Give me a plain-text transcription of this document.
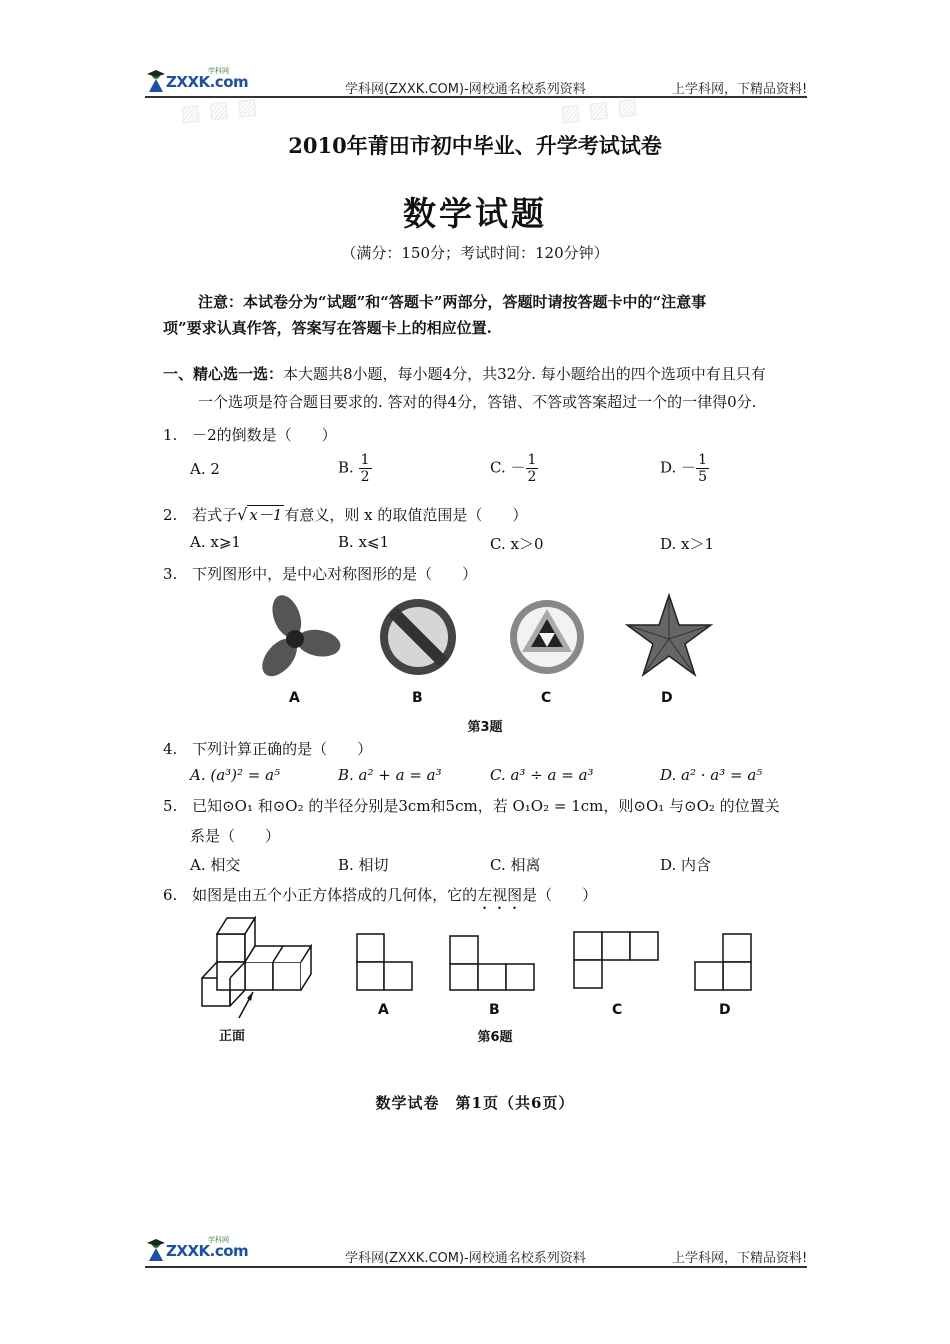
▨ ▨ ▨	▨ ▨ ▨
ZXXK.com
学科网
学科网(ZXXK.COM)-网校通名校系列资料	上学科网，下精品资料!
2010年莆田市初中毕业、升学考试试卷
数学试题
（满分：150分；考试时间：120分钟）
注意：本试卷分为“试题”和“答题卡”两部分，答题时请按答题卡中的“注意事
项”要求认真作答，答案写在答题卡上的相应位置.
一、精心选一选：本大题共8小题，每小题4分，共32分. 每小题给出的四个选项中有且只有
一个选项是符合题目要求的. 答对的得4分，答错、不答或答案超过一个的一律得0分.
1. －2的倒数是（　　）
A. 2	B. $\frac{1}{2}$	C. － $\frac{1}{2}$	D. － $\frac{1}{5}$
2. 若式子√ x－1 有意义，则 x 的取值范围是（　　）
A. x⩾1	B. x⩽1	C. x＞0	D. x＞1
3. 下列图形中，是中心对称图形的是（　　）
A	B	C	D
第3题
4. 下列计算正确的是（　　）
A. (a³)² = a⁵	B. a² + a = a³	C. a³ ÷ a = a³	D. a² · a³ = a⁵
5. 已知⊙O₁ 和⊙O₂ 的半径分别是3cm和5cm，若 O₁O₂ = 1cm，则⊙O₁ 与⊙O₂ 的位置关
系是（　　）
A. 相交	B. 相切	C. 相离	D. 内含
6. 如图是由五个小正方体搭成的几何体，它的左视图是（　　）
正面
A	B	C	D
第6题
数学试卷　第1页（共6页）
ZXXK.com
学科网
学科网(ZXXK.COM)-网校通名校系列资料	上学科网，下精品资料!
